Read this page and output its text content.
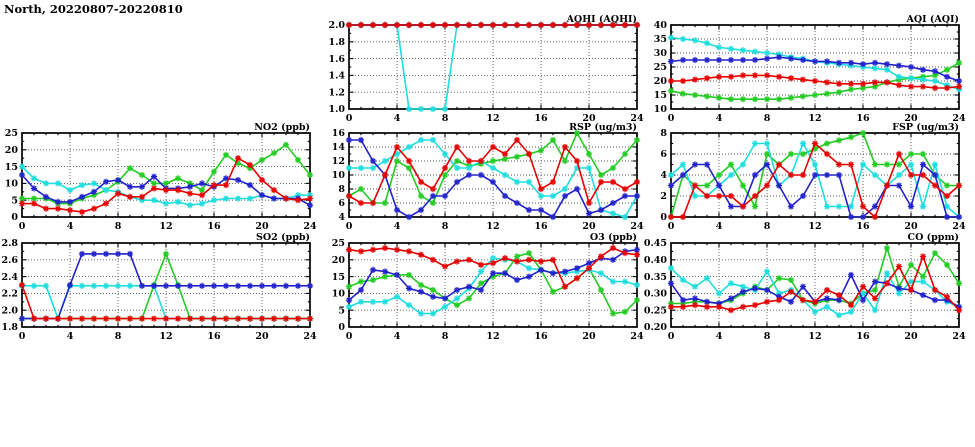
North, 20220807-20220810
0	4	8	12	16	20	24
1.0
1.2
1.4
1.6
1.8
2.0
AQHI (AQHI)
0	4	8	12	16	20	24
10
15
20
25
30
35
40
AQI (AQI)
0	4	8	12	16	20	24
0
5
10
15
20
25
NO2 (ppb)
0	4	8	12	16	20	24
4
6
8
10
12
14
16
RSP (ug/m3)
0	4	8	12	16	20	24
0
2
4
6
8
FSP (ug/m3)
0	4	8	12	16	20	24
1.8
2.0
2.2
2.4
2.6
2.8
SO2 (ppb)
0	4	8	12	16	20	24
0
5
10
15
20
25
O3 (ppb)
0	4	8	12	16	20	24
0.20
0.25
0.30
0.35
0.40
0.45
CO (ppm)
